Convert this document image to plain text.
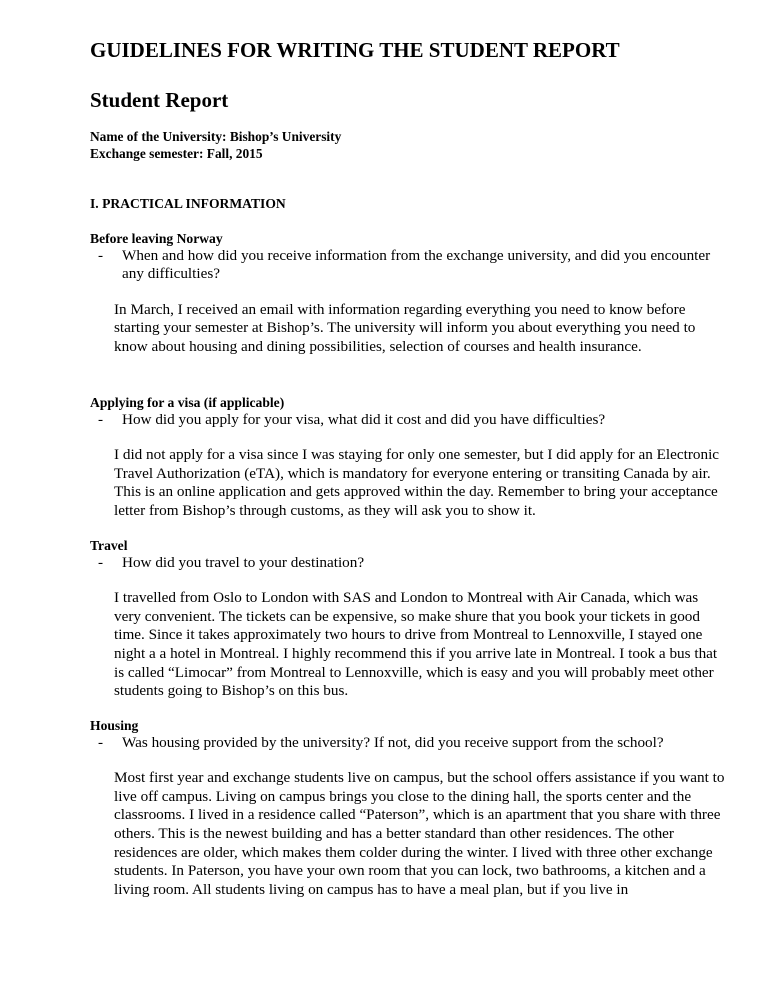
GUIDELINES FOR WRITING THE STUDENT REPORT
Student Report
Name of the University: Bishop’s University
Exchange semester: Fall, 2015
I. PRACTICAL INFORMATION
Before leaving Norway
-	When and how did you receive information from the exchange university, and did you encounter any difficulties?
In March, I received an email with information regarding everything you need to know before starting your semester at Bishop’s. The university will inform you about everything you need to know about housing and dining possibilities, selection of courses and health insurance.
Applying for a visa (if applicable)
-	How did you apply for your visa, what did it cost and did you have difficulties?
I did not apply for a visa since I was staying for only one semester, but I did apply for an Electronic Travel Authorization (eTA), which is mandatory for everyone entering or transiting Canada by air. This is an online application and gets approved within the day. Remember to bring your acceptance letter from Bishop’s through customs, as they will ask you to show it.
Travel
-	How did you travel to your destination?
I travelled from Oslo to London with SAS and London to Montreal with Air Canada, which was very convenient. The tickets can be expensive, so make shure that you book your tickets in good time. Since it takes approximately two hours to drive from Montreal to Lennoxville, I stayed one night a a hotel in Montreal. I highly recommend this if you arrive late in Montreal. I took a bus that is called “Limocar” from Montreal to Lennoxville, which is easy and you will probably meet other students going to Bishop’s on this bus.
Housing
-	Was housing provided by the university? If not, did you receive support from the school?
Most first year and exchange students live on campus, but the school offers assistance if you want to live off campus. Living on campus brings you close to the dining hall, the sports center and the classrooms. I lived in a residence called “Paterson”, which is an apartment that you share with three others. This is the newest building and has a better standard than other residences. The other residences are older, which makes them colder during the winter. I lived with three other exchange students. In Paterson, you have your own room that you can lock, two bathrooms, a kitchen and a living room. All students living on campus has to have a meal plan, but if you live in
